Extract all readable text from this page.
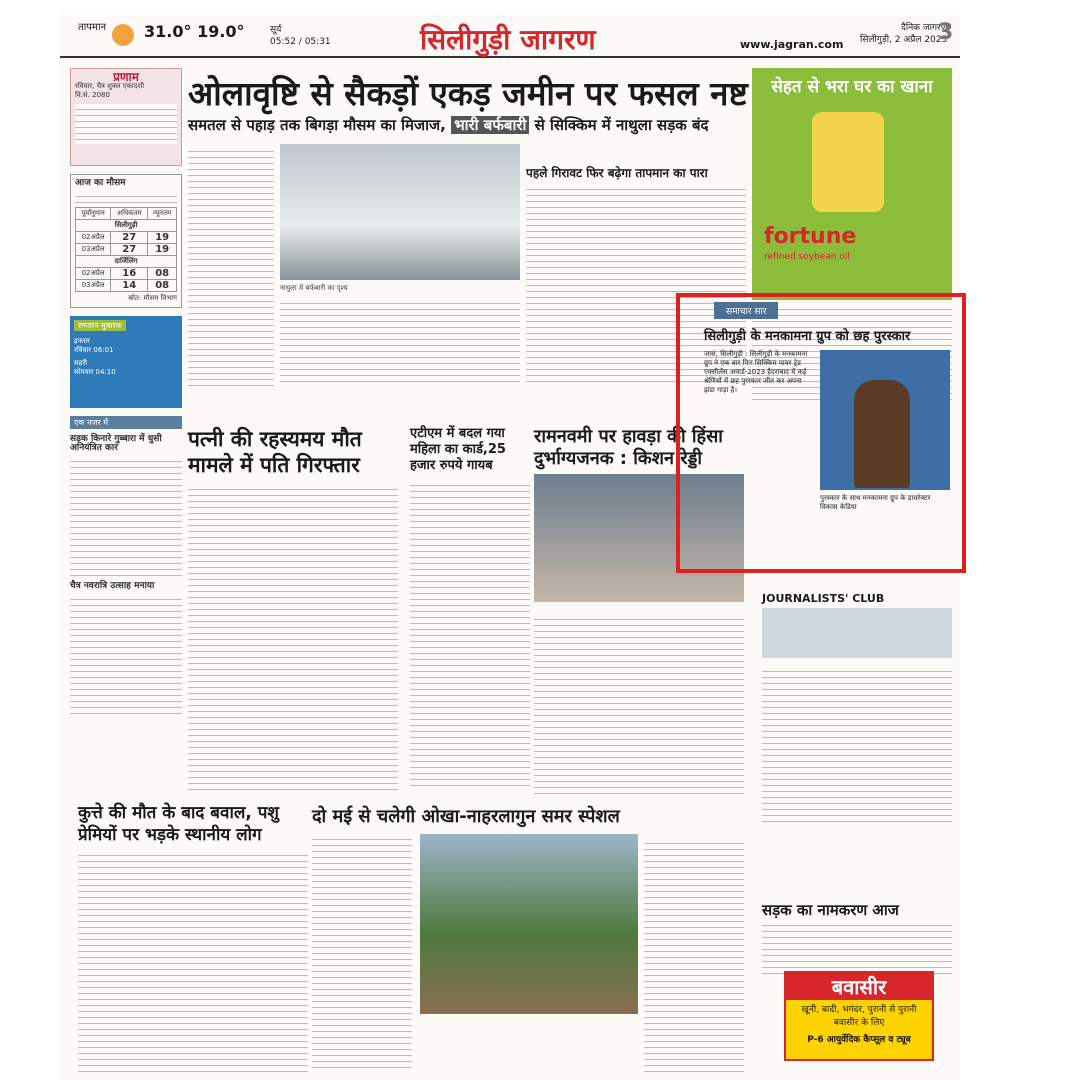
तापमान 31.0° 19.0°	सूर्य
05:52 / 05:31	सिलीगुड़ी जागरण	www.jagran.com
दैनिक जागरण
सिलीगुड़ी, 2 अप्रैल 2023
3
प्रणाम
रविवार, चैत्र शुक्ल एकादशी
वि.सं. 2080
आज का मौसम
पूर्वानुमान	अधिकतम	न्यूनतम
सिलीगुड़ी		
02अप्रैल	27	19
03अप्रैल	27	19
दार्जिलिंग		
02अप्रैल	16	08
03अप्रैल	14	08
स्रोत: मौसम विभाग
रमजान मुबारक
इफ्तार
रविवार 06:01
सहरी
सोमवार 04:10
एक नजर में
सड़क किनारे गुब्बारा में धुसी अनियंत्रित कार
चैत्र नवरात्रि उत्साह मनाया
ओलावृष्टि से सैकड़ों एकड़ जमीन पर फसल नष्ट
समतल से पहाड़ तक बिगड़ा मौसम का मिजाज, भारी बर्फबारी से सिक्किम में नाथुला सड़क बंद
नाथुला में बर्फबारी का दृश्य
पहले गिरावट फिर बढ़ेगा तापमान का पारा
सेहत से भरा घर का खाना
fortune
refined soybean oil
पत्नी की रहस्यमय मौत मामले में पति गिरफ्तार
एटीएम में बदल गया महिला का कार्ड,25 हजार रुपये गायब
रामनवमी पर हावड़ा की हिंसा दुर्भाग्यजनक : किशन रेड्डी
JOURNALISTS' CLUB
कुत्ते की मौत के बाद बवाल, पशु प्रेमियों पर भड़के स्थानीय लोग
दो मई से चलेगी ओखा-नाहरलागुन समर स्पेशल
सड़क का नामकरण आज
समाचार सार
सिलीगुड़ी के मनकामना ग्रुप को छह पुरस्कार
जासं, सिलीगुड़ी : सिलीगुड़ी के मनकामना ग्रुप ने एक बार फिर सिक्किम पावर ट्रेड एक्सीलेंस अवार्ड-2023 हैदराबाद में कई श्रेणियों में छह पुरस्कार जीत कर अपना झंडा गाड़ा है।
पुरस्कार के साथ मनकामना ग्रुप के डायरेक्टर विकास केडिया
बवासीर
खूनी, बादी, भगंदर, पुरानी से पुरानी बवासीर के लिए
P-6 आयुर्वेदिक कैप्सूल व ट्यूब
